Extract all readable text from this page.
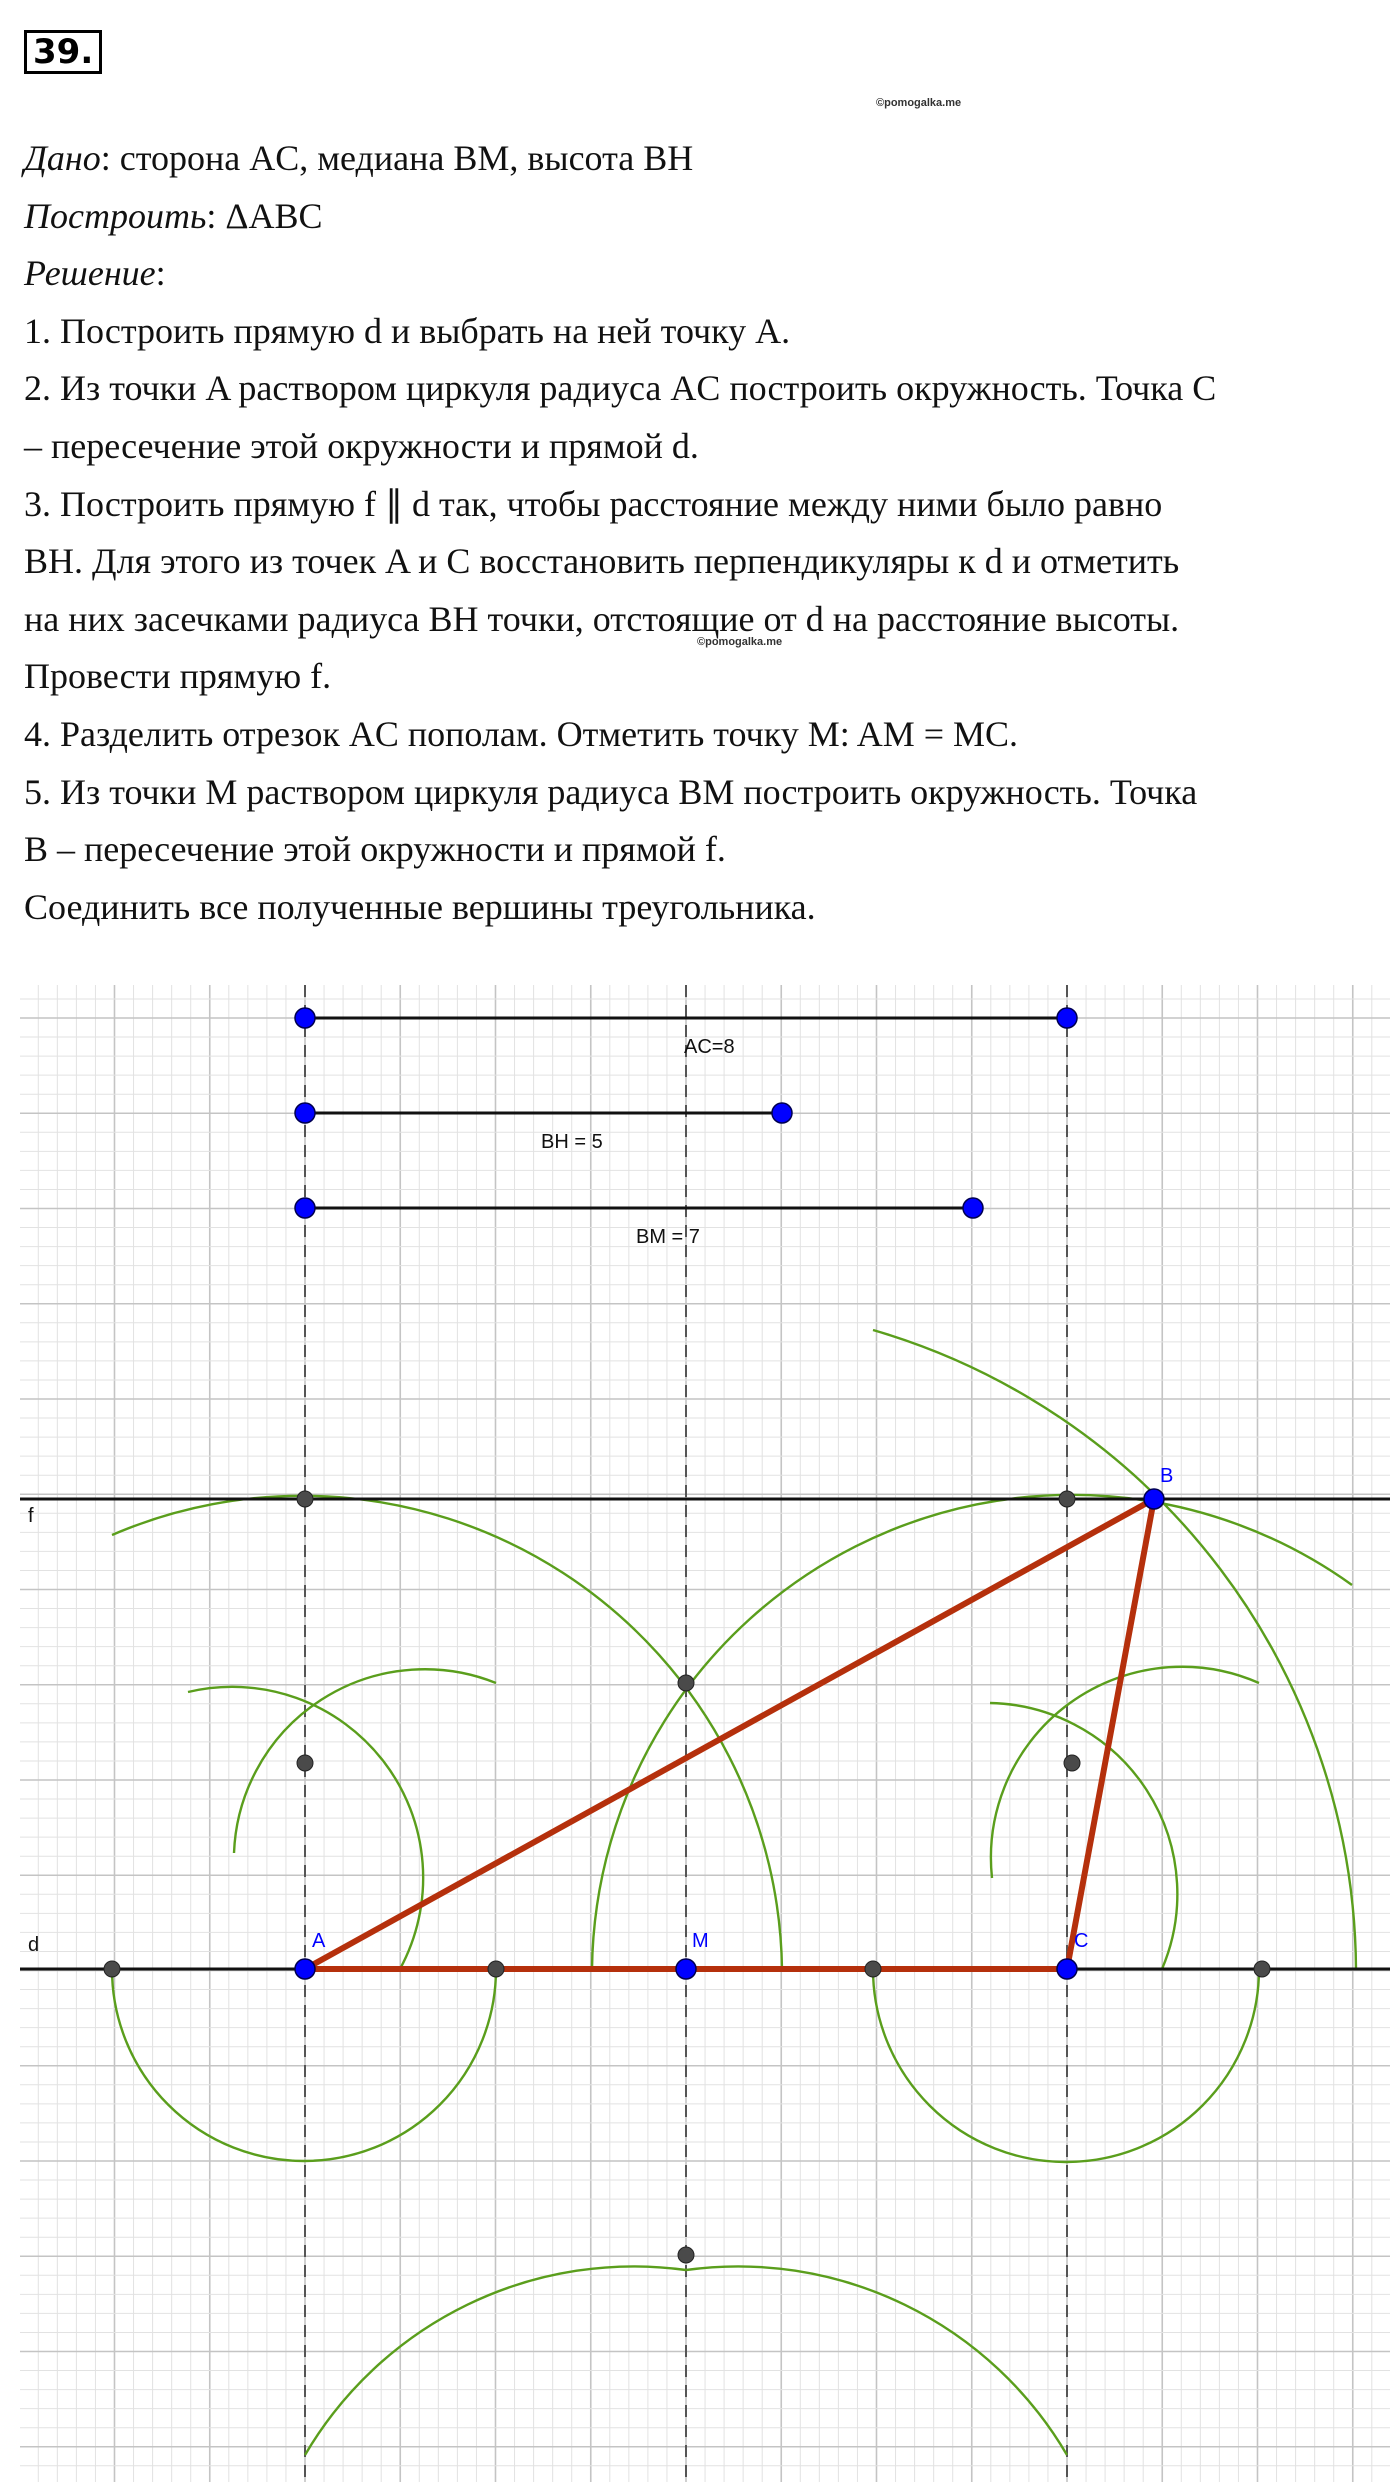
39.
©pomogalka.me
©pomogalka.me

Дано: сторона AC, медиана BM, высота BH

Построить: ΔABC

Решение:

1. Построить прямую d и выбрать на ней точку A.

2. Из точки A раствором циркуля радиуса AC построить окружность. Точка C

– пересечение этой окружности и прямой d.

3. Построить прямую f ∥ d так, чтобы расстояние между ними было равно

BH. Для этого из точек A и C восстановить перпендикуляры к d и отметить

на них засечками радиуса BH точки, отстоящие от d на расстояние высоты.

Провести прямую f.

4. Разделить отрезок AC пополам. Отметить точку M: AM = MC.

5. Из точки M раствором циркуля радиуса BM построить окружность. Точка

B – пересечение этой окружности и прямой f.

Соединить все полученные вершины треугольника.

AC=8
BH = 5
BM = 7
f
d
B
A	M	C
